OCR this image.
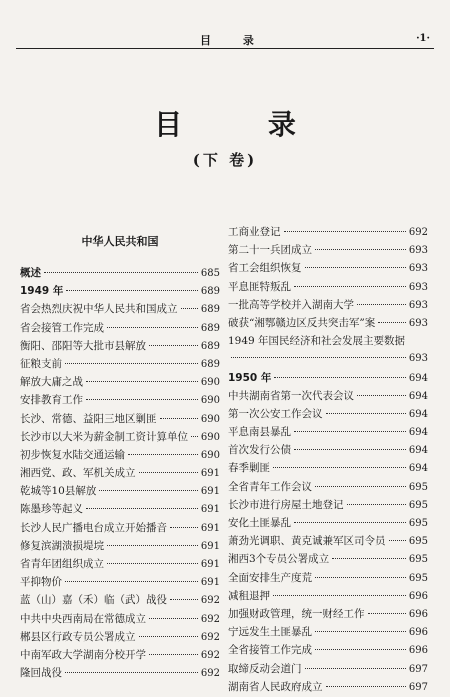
目 录	·1·
目 录
(下 卷)
中华人民共和国
概述	685
1949 年	689
省会热烈庆祝中华人民共和国成立 689
省会接管工作完成	689
衡阳、邵阳等大批市县解放	689
征粮支前	689
解放大庸之战	690
安排教育工作	690
长沙、常德、益阳三地区剿匪	690
长沙市以大米为薪金制工资计算单位 690
初步恢复水陆交通运输	690
湘西党、政、军机关成立	691
乾城等10县解放	691
陈墨珍等起义	691
长沙人民广播电台成立开始播音	691
修复滨湖溃损堤垸	691
省青年团组织成立	691
平抑物价	691
蓝（山）嘉（禾）临（武）战役	692
中共中央西南局在常德成立	692
郴县区行政专员公署成立	692
中南军政大学湖南分校开学	692
隆回战役	692
工商业登记	692
第二十一兵团成立	693
省工会组织恢复	693
平息匪特叛乱	693
一批高等学校并入湖南大学	693
破获“湘鄂赣边区反共突击军”案	693
1949 年国民经济和社会发展主要数据
693
1950 年	694
中共湖南省第一次代表会议	694
第一次公安工作会议	694
平息南县暴乱	694
首次发行公债	694
春季剿匪	694
全省青年工作会议	695
长沙市进行房屋土地登记	695
安化土匪暴乱	695
萧劲光调职、黄克诚兼军区司令员 695
湘西3个专员公署成立	695
全面安排生产度荒	695
减租退押	696
加强财政管理，统一财经工作	696
宁远发生土匪暴乱	696
全省接管工作完成	696
取缔反动会道门	697
湖南省人民政府成立	697
